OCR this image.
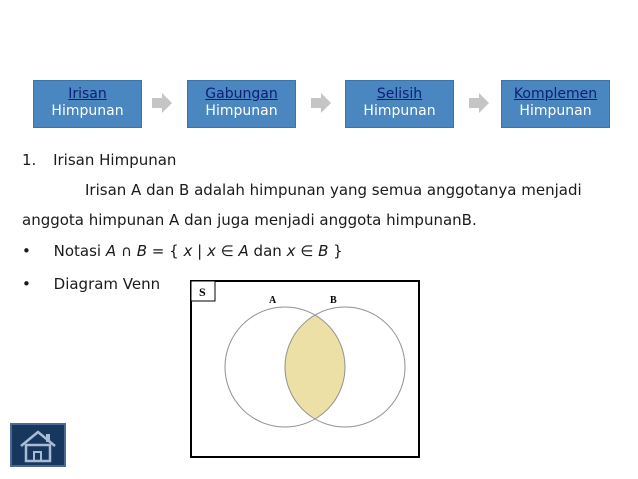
Irisan
Himpunan
Gabungan
Himpunan
Selisih
Himpunan
Komplemen
Himpunan
1. Irisan Himpunan
Irisan A dan B adalah himpunan yang semua anggotanya menjadi
anggota himpunan A dan juga menjadi anggota himpunanB.
• Notasi A ∩ B = { x | x ∈ A dan x ∈ B }
• Diagram Venn	S
A	B
